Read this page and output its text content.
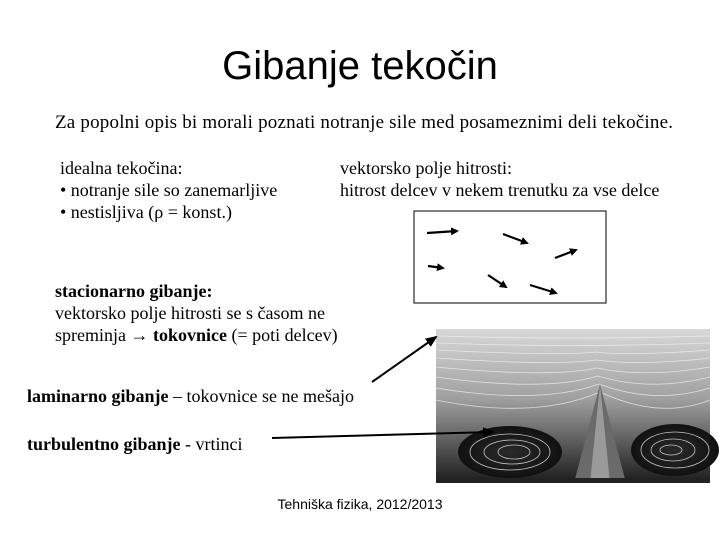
Gibanje tekočin
Za popolni opis bi morali poznati notranje sile med posameznimi deli tekočine.
idealna tekočina:
• notranje sile so zanemarljive
• nestisljiva (ρ = konst.)
vektorsko polje hitrosti:
hitrost delcev v nekem trenutku za vse delce
stacionarno gibanje:
vektorsko polje hitrosti se s časom ne
spreminja → tokovnice (= poti delcev)
laminarno gibanje – tokovnice se ne mešajo
turbulentno gibanje - vrtinci
Tehniška fizika, 2012/2013
